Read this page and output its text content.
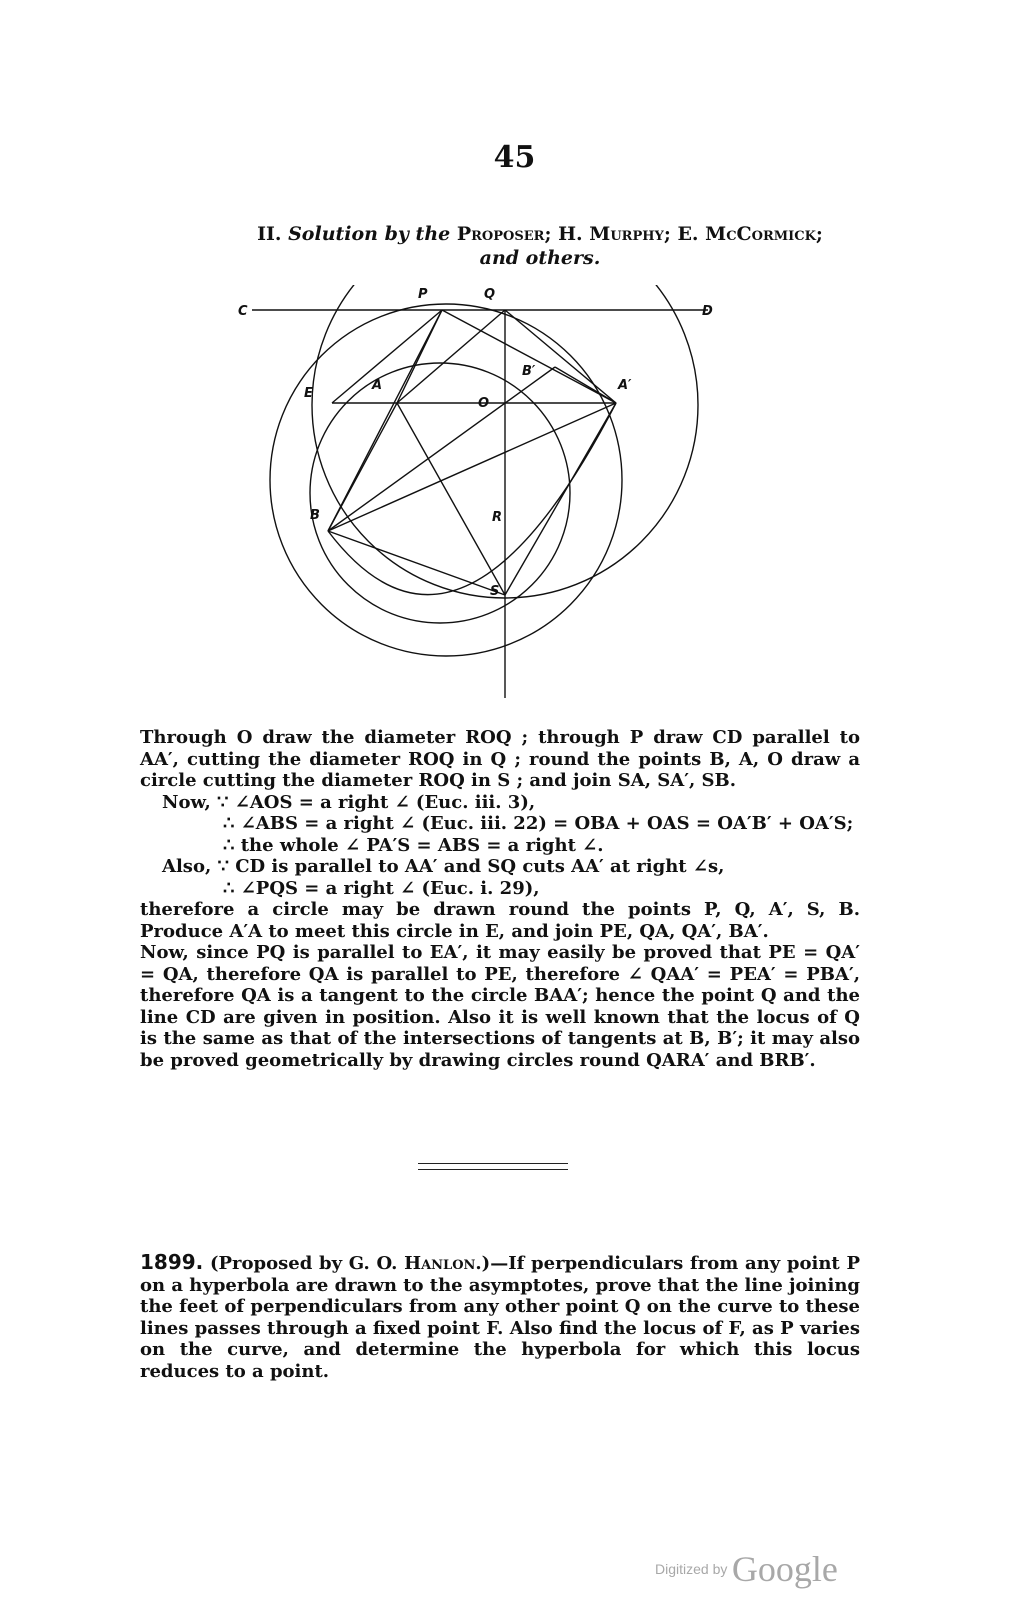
45
II. Solution by the Proposer; H. Murphy; E. McCormick;
and others.
C	D
P	Q
E
A	A′
B′
O
B	R
S

Through O draw the diameter ROQ ; through P draw CD parallel to AA′, cutting the diameter ROQ in Q ; round the points B, A, O draw a circle cutting the diameter ROQ in S ; and join SA, SA′, SB.

Now, ∵ ∠AOS = a right ∠ (Euc. iii. 3),
∴ ∠ABS = a right ∠ (Euc. iii. 22) = OBA + OAS = OA′B′ + OA′S;
∴ the whole ∠ PA′S = ABS = a right ∠.
Also, ∵ CD is parallel to AA′ and SQ cuts AA′ at right ∠s,
∴ ∠PQS = a right ∠ (Euc. i. 29),

therefore a circle may be drawn round the points P, Q, A′, S, B. Produce A′A to meet this circle in E, and join PE, QA, QA′, BA′.

Now, since PQ is parallel to EA′, it may easily be proved that PE = QA′ = QA, therefore QA is parallel to PE, therefore ∠ QAA′ = PEA′ = PBA′, therefore QA is a tangent to the circle BAA′; hence the point Q and the line CD are given in position. Also it is well known that the locus of Q is the same as that of the intersections of tangents at B, B′; it may also be proved geometrically by drawing circles round QARA′ and BRB′.

1899. (Proposed by G. O. Hanlon.)—If perpendiculars from any point P on a hyperbola are drawn to the asymptotes, prove that the line joining the feet of perpendiculars from any other point Q on the curve to these lines passes through a fixed point F. Also find the locus of F, as P varies on the curve, and determine the hyperbola for which this locus reduces to a point.
Digitized by Google
